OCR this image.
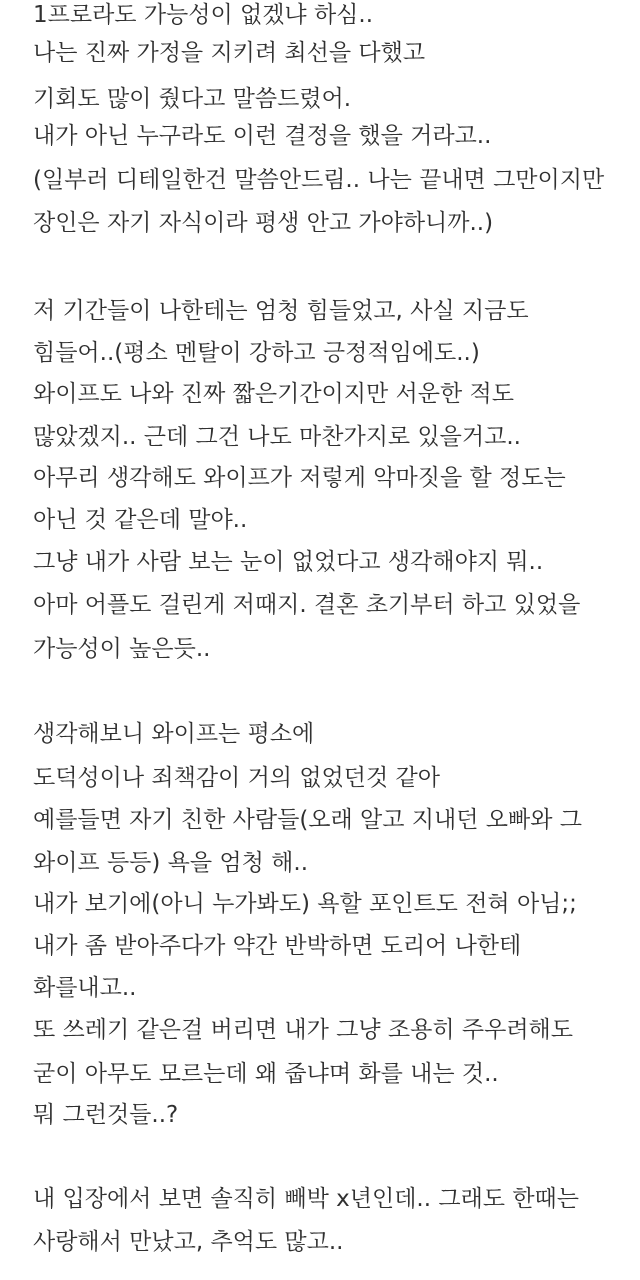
1프로라도 가능성이 없겠냐 하심..
나는 진짜 가정을 지키려 최선을 다했고
기회도 많이 줬다고 말씀드렸어.
내가 아닌 누구라도 이런 결정을 했을 거라고..
(일부러 디테일한건 말씀안드림.. 나는 끝내면 그만이지만
장인은 자기 자식이라 평생 안고 가야하니까..)
저 기간들이 나한테는 엄청 힘들었고, 사실 지금도
힘들어..(평소 멘탈이 강하고 긍정적임에도..)
와이프도 나와 진짜 짧은기간이지만 서운한 적도
많았겠지.. 근데 그건 나도 마찬가지로 있을거고..
아무리 생각해도 와이프가 저렇게 악마짓을 할 정도는
아닌 것 같은데 말야..
그냥 내가 사람 보는 눈이 없었다고 생각해야지 뭐..
아마 어플도 걸린게 저때지. 결혼 초기부터 하고 있었을
가능성이 높은듯..
생각해보니 와이프는 평소에
도덕성이나 죄책감이 거의 없었던것 같아
예를들면 자기 친한 사람들(오래 알고 지내던 오빠와 그
와이프 등등) 욕을 엄청 해..
내가 보기에(아니 누가봐도) 욕할 포인트도 전혀 아님;;
내가 좀 받아주다가 약간 반박하면 도리어 나한테
화를내고..
또 쓰레기 같은걸 버리면 내가 그냥 조용히 주우려해도
굳이 아무도 모르는데 왜 줍냐며 화를 내는 것..
뭐 그런것들..?
내 입장에서 보면 솔직히 빼박 x년인데.. 그래도 한때는
사랑해서 만났고, 추억도 많고..
